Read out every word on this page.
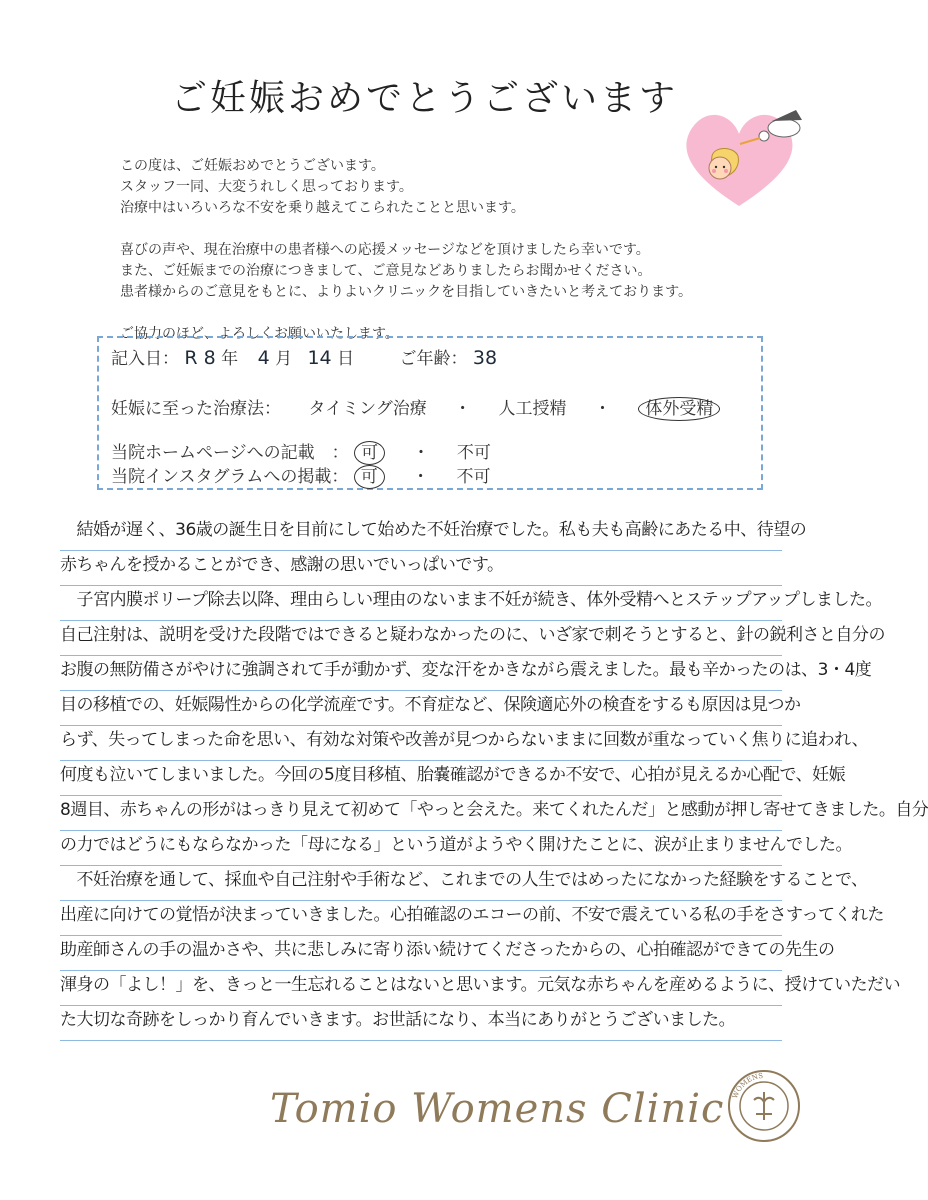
ご妊娠おめでとうございます

この度は、ご妊娠おめでとうございます。

スタッフ一同、大変うれしく思っております。

治療中はいろいろな不安を乗り越えてこられたことと思います。

喜びの声や、現在治療中の患者様への応援メッセージなどを頂けましたら幸いです。

また、ご妊娠までの治療につきまして、ご意見などありましたらお聞かせください。

患者様からのご意見をもとに、よりよいクリニックを目指していきたいと考えております。

ご協力のほど、よろしくお願いいたします。

記入日： R 8 年 4 月 14 日	ご年齢： 38
妊娠に至った治療法： タイミング治療 ・ 人工授精 ・ 体外受精
当院ホームページへの記載　： 可 ・ 不可
当院インスタグラムへの掲載： 可 ・ 不可
　結婚が遅く、36歳の誕生日を目前にして始めた不妊治療でした。私も夫も高齢にあたる中、待望の
赤ちゃんを授かることができ、感謝の思いでいっぱいです。
　子宮内膜ポリープ除去以降、理由らしい理由のないまま不妊が続き、体外受精へとステップアップしました。
自己注射は、説明を受けた段階ではできると疑わなかったのに、いざ家で刺そうとすると、針の鋭利さと自分の
お腹の無防備さがやけに強調されて手が動かず、変な汗をかきながら震えました。最も辛かったのは、3・4度
目の移植での、妊娠陽性からの化学流産です。不育症など、保険適応外の検査をするも原因は見つか
らず、失ってしまった命を思い、有効な対策や改善が見つからないままに回数が重なっていく焦りに追われ、
何度も泣いてしまいました。今回の5度目移植、胎嚢確認ができるか不安で、心拍が見えるか心配で、妊娠
8週目、赤ちゃんの形がはっきり見えて初めて「やっと会えた。来てくれたんだ」と感動が押し寄せてきました。自分
の力ではどうにもならなかった「母になる」という道がようやく開けたことに、涙が止まりませんでした。
　不妊治療を通して、採血や自己注射や手術など、これまでの人生ではめったになかった経験をすることで、
出産に向けての覚悟が決まっていきました。心拍確認のエコーの前、不安で震えている私の手をさすってくれた
助産師さんの手の温かさや、共に悲しみに寄り添い続けてくださったからの、心拍確認ができての先生の
渾身の「よし！」を、きっと一生忘れることはないと思います。元気な赤ちゃんを産めるように、授けていただい
た大切な奇跡をしっかり育んでいきます。お世話になり、本当にありがとうございました。
Tomio Womens Clinic WOMENS
